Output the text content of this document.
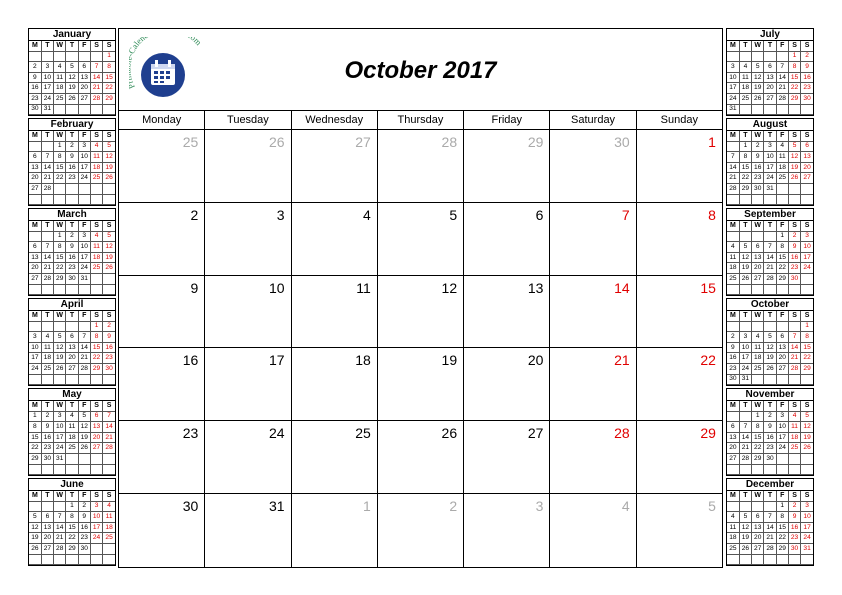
January
M	T	W	T	F	S	S
						1
2	3	4	5	6	7	8
9	10	11	12	13	14	15
16	17	18	19	20	21	22
23	24	25	26	27	28	29
30	31					
February
M	T	W	T	F	S	S
		1	2	3	4	5
6	7	8	9	10	11	12
13	14	15	16	17	18	19
20	21	22	23	24	25	26
27	28					

March
M	T	W	T	F	S	S
		1	2	3	4	5
6	7	8	9	10	11	12
13	14	15	16	17	18	19
20	21	22	23	24	25	26
27	28	29	30	31		

April
M	T	W	T	F	S	S
					1	2
3	4	5	6	7	8	9
10	11	12	13	14	15	16
17	18	19	20	21	22	23
24	25	26	27	28	29	30

May
M	T	W	T	F	S	S
1	2	3	4	5	6	7
8	9	10	11	12	13	14
15	16	17	18	19	20	21
22	23	24	25	26	27	28
29	30	31				

June
M	T	W	T	F	S	S
			1	2	3	4
5	6	7	8	9	10	11
12	13	14	15	16	17	18
19	20	21	22	23	24	25
26	27	28	29	30		

July
M	T	W	T	F	S	S
					1	2
3	4	5	6	7	8	9
10	11	12	13	14	15	16
17	18	19	20	21	22	23
24	25	26	27	28	29	30
31						
August
M	T	W	T	F	S	S
	1	2	3	4	5	6
7	8	9	10	11	12	13
14	15	16	17	18	19	20
21	22	23	24	25	26	27
28	29	30	31			

September
M	T	W	T	F	S	S
				1	2	3
4	5	6	7	8	9	10
11	12	13	14	15	16	17
18	19	20	21	22	23	24
25	26	27	28	29	30	

October
M	T	W	T	F	S	S
						1
2	3	4	5	6	7	8
9	10	11	12	13	14	15
16	17	18	19	20	21	22
23	24	25	26	27	28	29
30	31					
November
M	T	W	T	F	S	S
		1	2	3	4	5
6	7	8	9	10	11	12
13	14	15	16	17	18	19
20	21	22	23	24	25	26
27	28	29	30			

December
M	T	W	T	F	S	S
				1	2	3
4	5	6	7	8	9	10
11	12	13	14	15	16	17
18	19	20	21	22	23	24
25	26	27	28	29	30	31

alen om
October 2017
Monday	Tuesday	Wednesday	Thursday	Friday	Saturday	Sunday
25	26	27	28	29	30	1
2	3	4	5	6	7	8
9	10	11	12	13	14	15
16	17	18	19	20	21	22
23	24	25	26	27	28	29
30	31	1	2	3	4	5
